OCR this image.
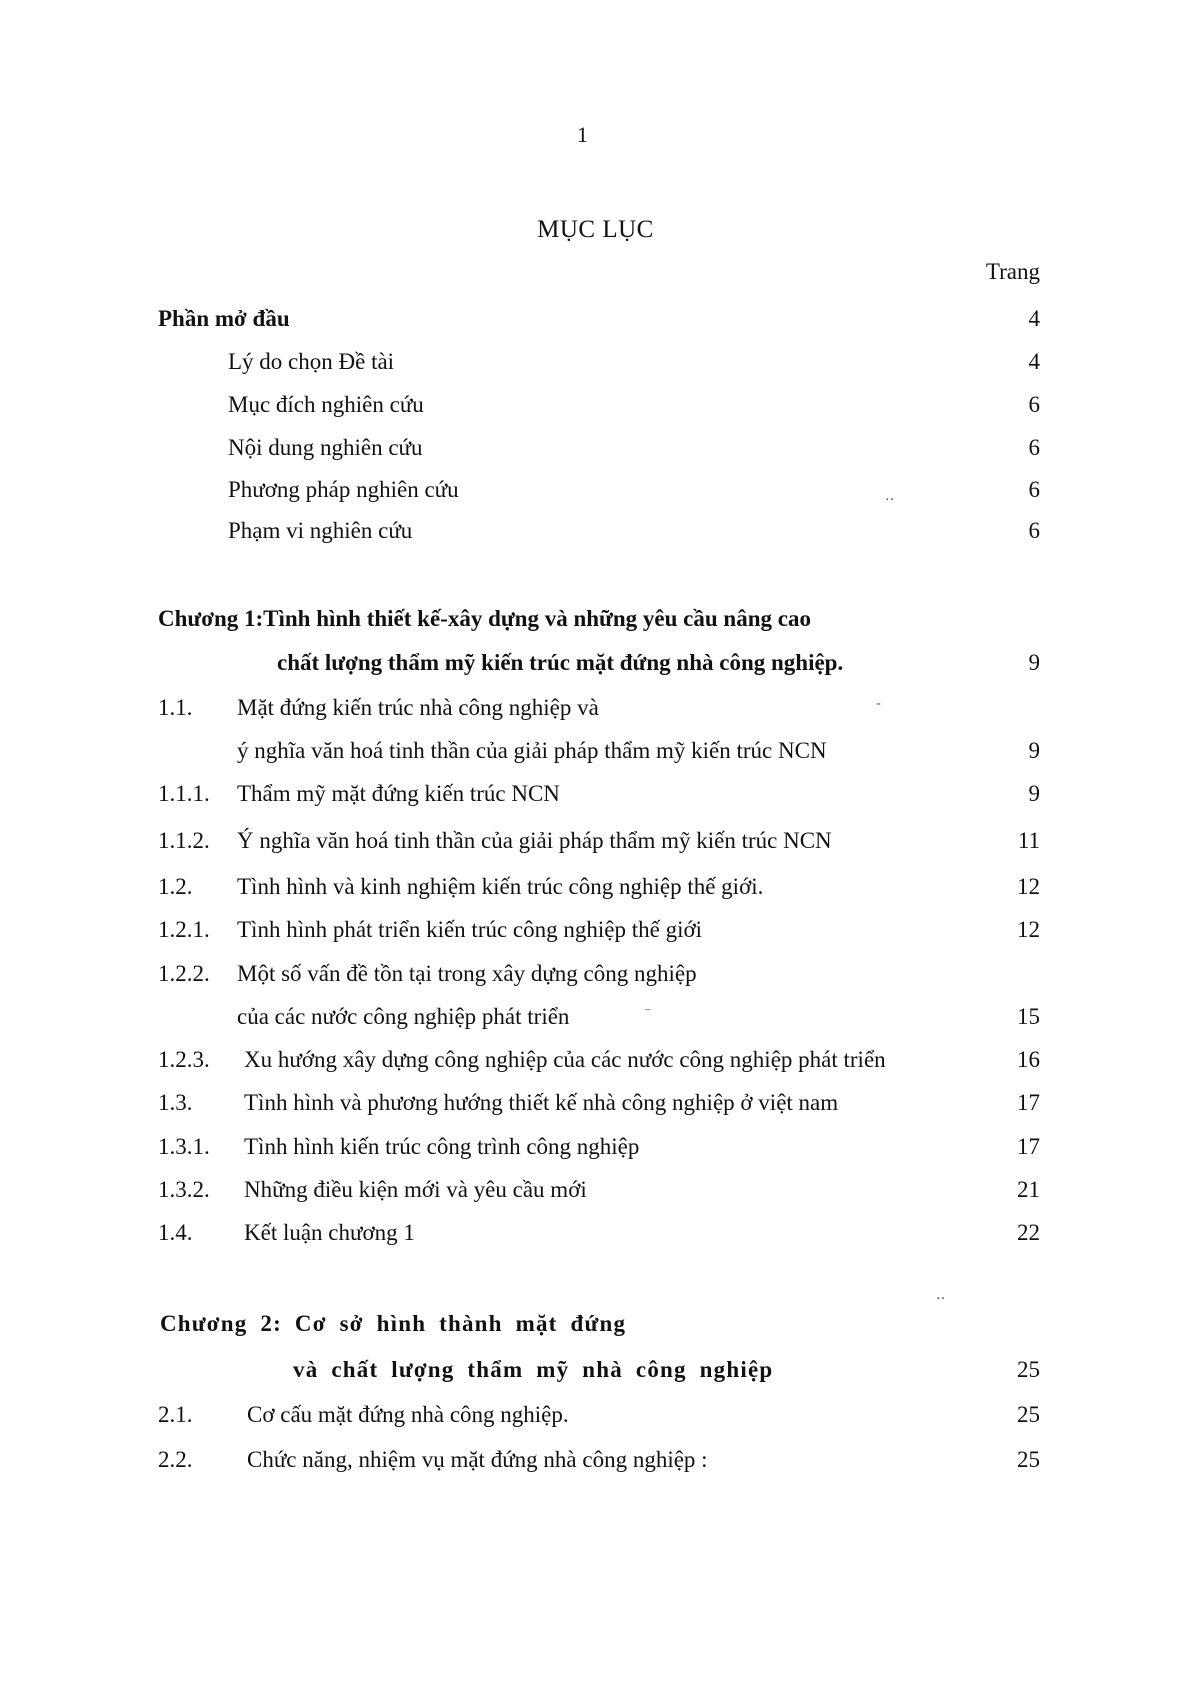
1
MỤC LỤC
Trang
Phần mở đầu	4
Lý do chọn Đề tài	4
Mục đích nghiên cứu	6
Nội dung nghiên cứu	6
Phương pháp nghiên cứu	6
Phạm vi nghiên cứu	6
Chương 1:Tình hình thiết kế-xây dựng và những yêu cầu nâng cao
chất lượng thẩm mỹ kiến trúc mặt đứng nhà công nghiệp.	9
1.1. Mặt đứng kiến trúc nhà công nghiệp và
ý nghĩa văn hoá tinh thần của giải pháp thẩm mỹ kiến trúc NCN	9
1.1.1. Thẩm mỹ mặt đứng kiến trúc NCN	9
1.1.2. Ý nghĩa văn hoá tinh thần của giải pháp thẩm mỹ kiến trúc NCN	11
1.2. Tình hình và kinh nghiệm kiến trúc công nghiệp thế giới.	12
1.2.1. Tình hình phát triển kiến trúc công nghiệp thế giới	12
1.2.2. Một số vấn đề tồn tại trong xây dựng công nghiệp
của các nước công nghiệp phát triển	15
1.2.3. Xu hướng xây dựng công nghiệp của các nước công nghiệp phát triển	16
1.3. Tình hình và phương hướng thiết kế nhà công nghiệp ở việt nam	17
1.3.1. Tình hình kiến trúc công trình công nghiệp	17
1.3.2. Những điều kiện mới và yêu cầu mới	21
1.4. Kết luận chương 1	22
Chương 2: Cơ sở hình thành mặt đứng
và chất lượng thẩm mỹ nhà công nghiệp	25
2.1. Cơ cấu mặt đứng nhà công nghiệp.	25
2.2. Chức năng, nhiệm vụ mặt đứng nhà công nghiệp :	25
‥
-
⁻
‥
